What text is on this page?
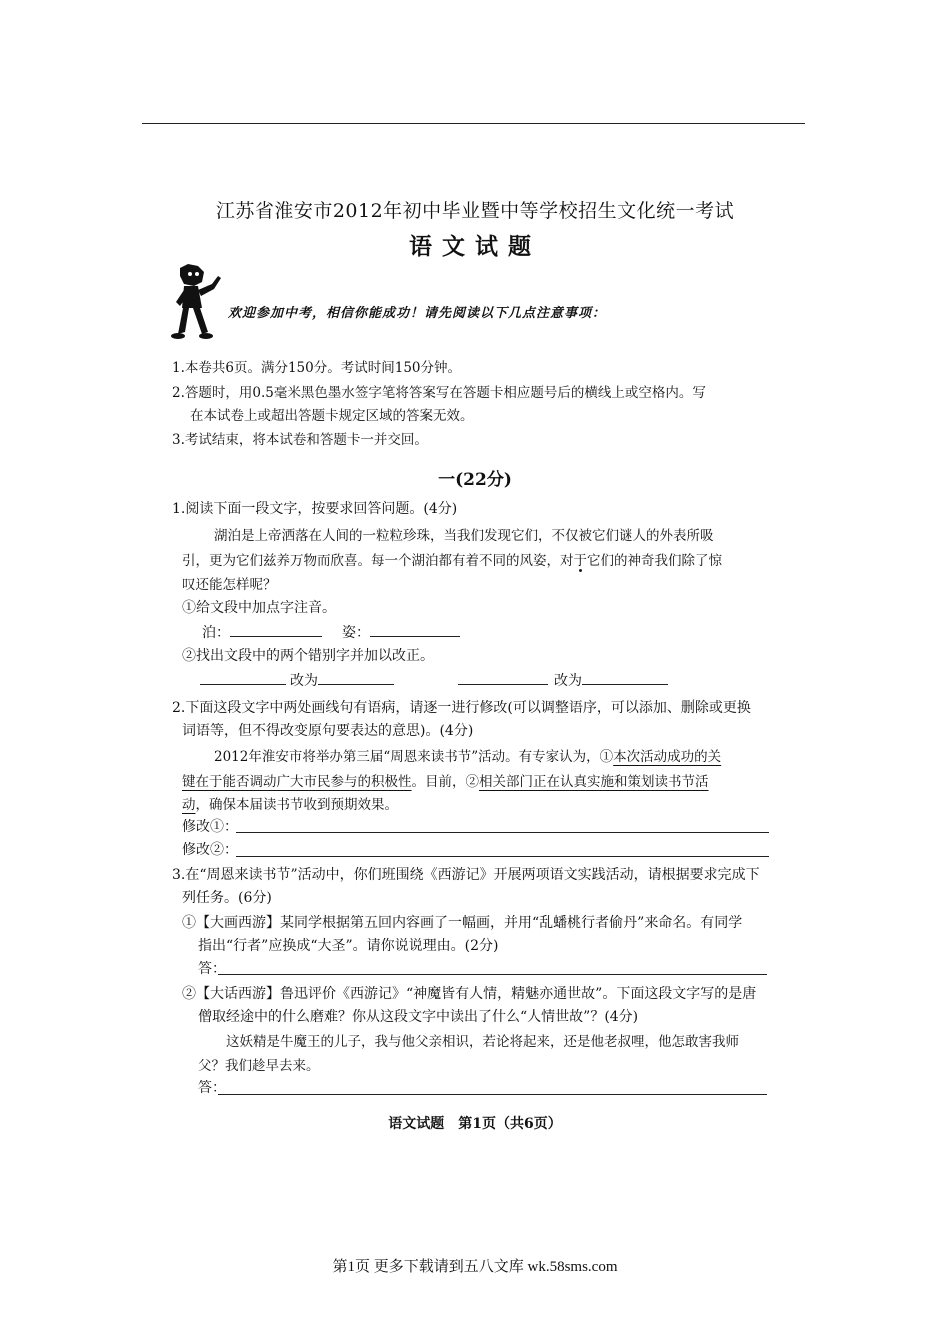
江苏省淮安市2012年初中毕业暨中等学校招生文化统一考试
语文试题
欢迎参加中考，相信你能成功！请先阅读以下几点注意事项：
1.本卷共6页。满分150分。考试时间150分钟。
2.答题时，用0.5毫米黑色墨水签字笔将答案写在答题卡相应题号后的横线上或空格内。写
在本试卷上或超出答题卡规定区域的答案无效。
3.考试结束，将本试卷和答题卡一并交回。
一(22分)
1.阅读下面一段文字，按要求回答问题。(4分)
湖泊是上帝洒落在人间的一粒粒珍珠，当我们发现它们，不仅被它们谜人的外表所吸
引，更为它们兹养万物而欣喜。每一个湖泊都有着不同的风姿，对于它们的神奇我们除了惊
叹还能怎样呢？
①给文段中加点字注音。
泊：	姿：
②找出文段中的两个错别字并加以改正。
改为	改为
2.下面这段文字中两处画线句有语病，请逐一进行修改(可以调整语序，可以添加、删除或更换
词语等，但不得改变原句要表达的意思)。(4分)
2012年淮安市将举办第三届“周恩来读书节”活动。有专家认为，①本次活动成功的关
键在于能否调动广大市民参与的积极性。目前，②相关部门正在认真实施和策划读书节活
动，确保本届读书节收到预期效果。
修改①：
修改②：
3.在“周恩来读书节”活动中，你们班围绕《西游记》开展两项语文实践活动，请根据要求完成下
列任务。(6分)
①【大画西游】某同学根据第五回内容画了一幅画，并用“乱蟠桃行者偷丹”来命名。有同学
指出“行者”应换成“大圣”。请你说说理由。(2分)
答：
②【大话西游】鲁迅评价《西游记》“神魔皆有人情，精魅亦通世故”。下面这段文字写的是唐
僧取经途中的什么磨难？你从这段文字中读出了什么“人情世故”？(4分)
这妖精是牛魔王的儿子，我与他父亲相识，若论将起来，还是他老叔哩，他怎敢害我师
父？我们趁早去来。
答：
语文试题　第1页（共6页）
第1页 更多下载请到五八文库 wk.58sms.com
